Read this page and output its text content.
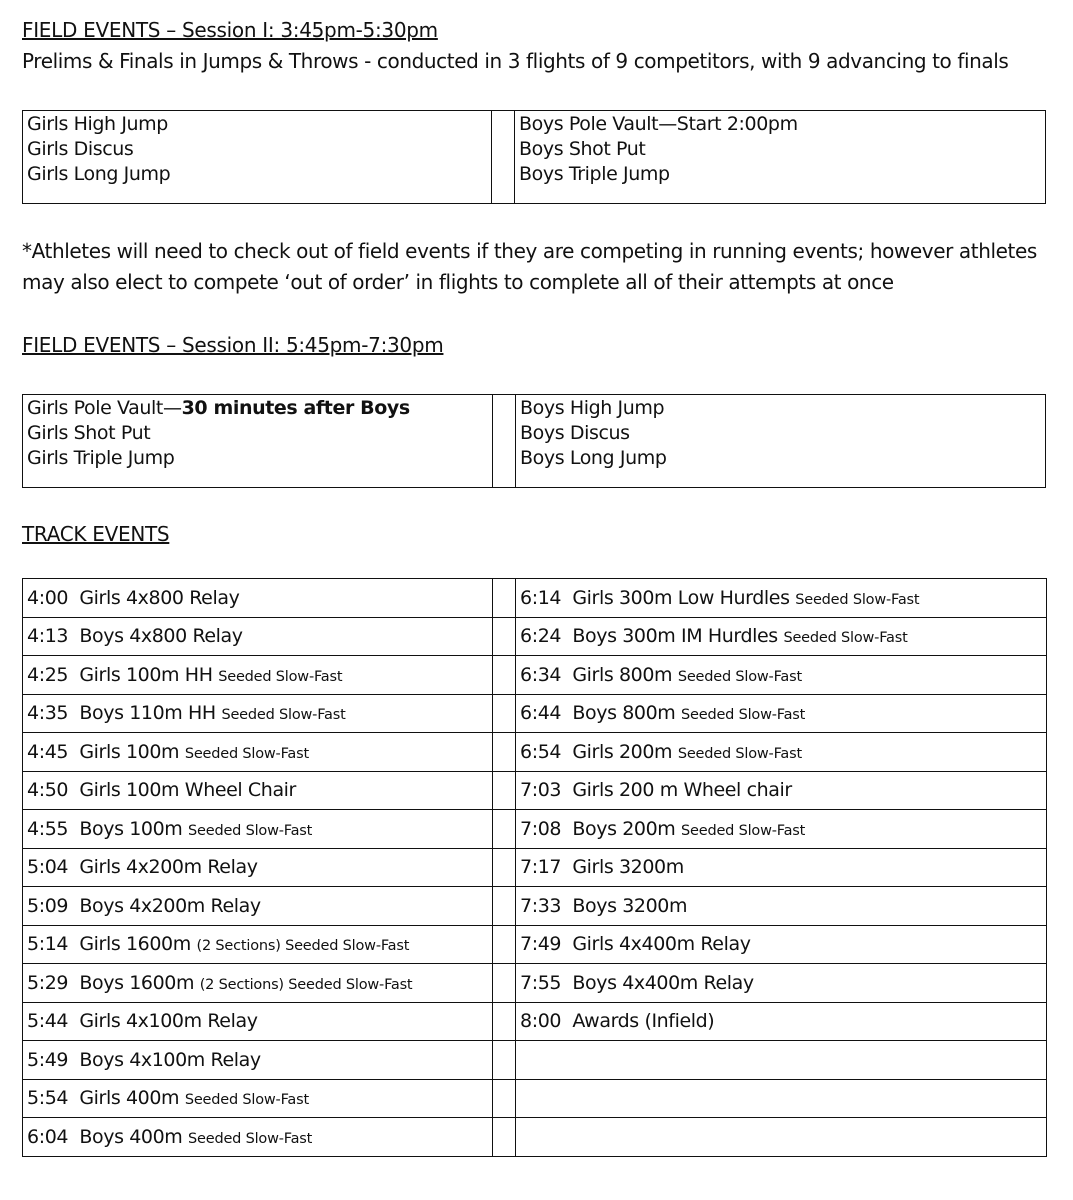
FIELD EVENTS – Session I: 3:45pm-5:30pm
Prelims & Finals in Jumps & Throws - conducted in 3 flights of 9 competitors, with 9 advancing to finals
Girls High Jump
Girls Discus
Girls Long Jump

Boys Pole Vault—Start 2:00pm
Boys Shot Put
Boys Triple Jump
*Athletes will need to check out of field events if they are competing in running events; however athletes
may also elect to compete ‘out of order’ in flights to complete all of their attempts at once
FIELD EVENTS – Session II: 5:45pm-7:30pm
Girls Pole Vault—30 minutes after Boys
Girls Shot Put
Girls Triple Jump

Boys High Jump
Boys Discus
Boys Long Jump
TRACK EVENTS
4:00 Girls 4x800 Relay		6:14 Girls 300m Low Hurdles Seeded Slow-Fast
4:13 Boys 4x800 Relay		6:24 Boys 300m IM Hurdles Seeded Slow-Fast
4:25 Girls 100m HH Seeded Slow-Fast		6:34 Girls 800m Seeded Slow-Fast
4:35 Boys 110m HH Seeded Slow-Fast		6:44 Boys 800m Seeded Slow-Fast
4:45 Girls 100m Seeded Slow-Fast		6:54 Girls 200m Seeded Slow-Fast
4:50 Girls 100m Wheel Chair		7:03 Girls 200 m Wheel chair
4:55 Boys 100m Seeded Slow-Fast		7:08 Boys 200m Seeded Slow-Fast
5:04 Girls 4x200m Relay		7:17 Girls 3200m
5:09 Boys 4x200m Relay		7:33 Boys 3200m
5:14 Girls 1600m (2 Sections) Seeded Slow-Fast		7:49 Girls 4x400m Relay
5:29 Boys 1600m (2 Sections) Seeded Slow-Fast		7:55 Boys 4x400m Relay
5:44 Girls 4x100m Relay		8:00 Awards (Infield)
5:49 Boys 4x100m Relay		
5:54 Girls 400m Seeded Slow-Fast		
6:04 Boys 400m Seeded Slow-Fast		
